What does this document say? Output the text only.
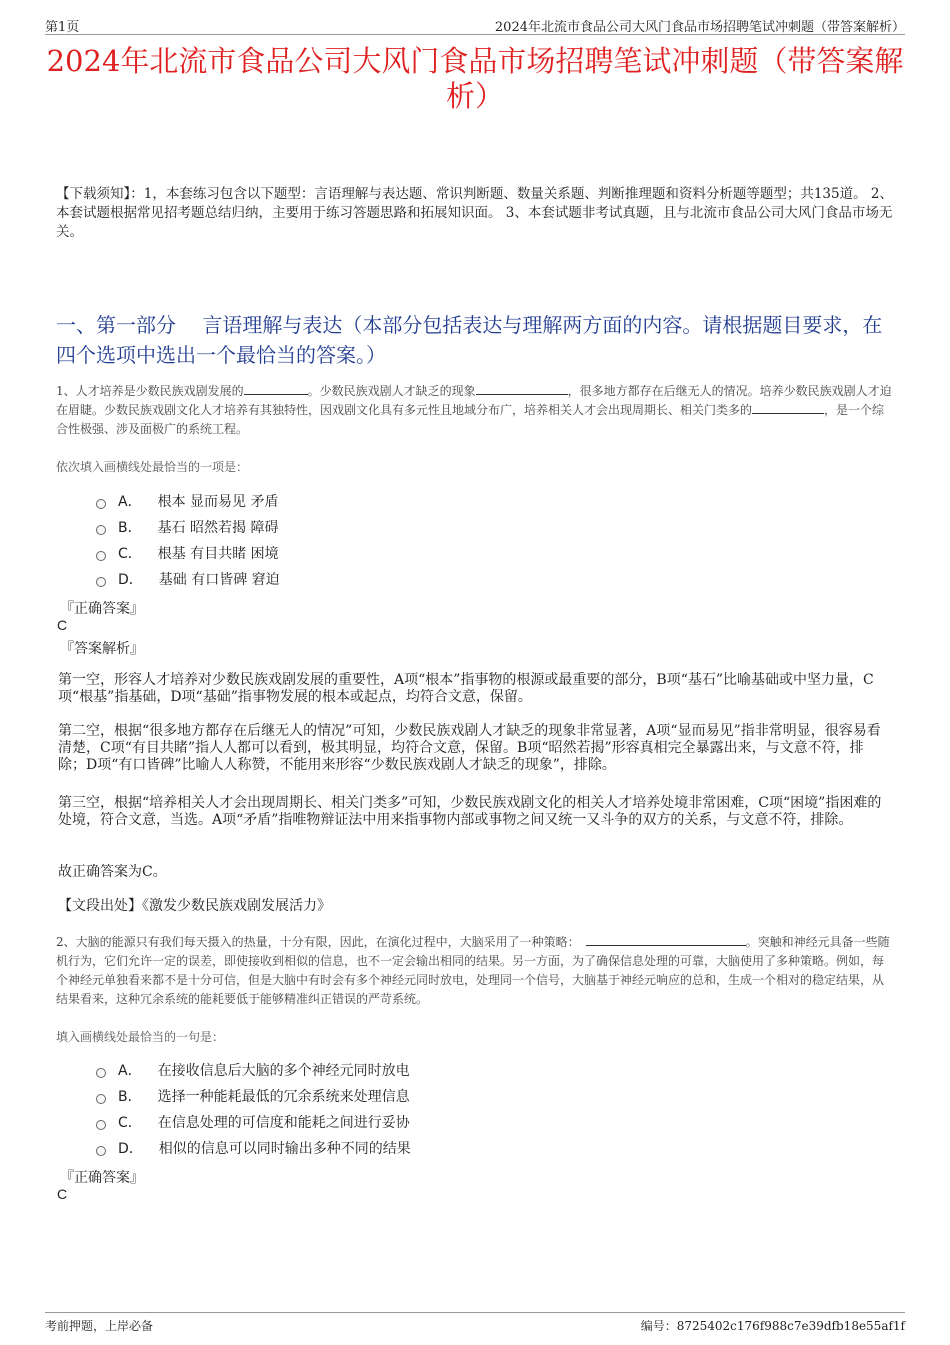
第1页	2024年北流市食品公司大风门食品市场招聘笔试冲刺题（带答案解析）
2024年北流市食品公司大风门食品市场招聘笔试冲刺题（带答案解析）
【下载须知】：1，本套练习包含以下题型：言语理解与表达题、常识判断题、数量关系题、判断推理题和资料分析题等题型；共135道。 2、本套试题根据常见招考题总结归纳，主要用于练习答题思路和拓展知识面。 3、本套试题非考试真题，且与北流市食品公司大风门食品市场无关。
一、第一部分　 言语理解与表达（本部分包括表达与理解两方面的内容。请根据题目要求，在四个选项中选出一个最恰当的答案。）
1、人才培养是少数民族戏剧发展的	。少数民族戏剧人才缺乏的现象	，很多地方都存在后继无人的情况。培养少数民族戏剧人才迫在眉睫。少数民族戏剧文化人才培养有其独特性，因戏剧文化具有多元性且地域分布广，培养相关人才会出现周期长、相关门类多的	，是一个综合性极强、涉及面极广的系统工程。
依次填入画横线处最恰当的一项是：
A． 根本 显而易见 矛盾
B． 基石 昭然若揭 障碍
C． 根基 有目共睹 困境
D． 基础 有口皆碑 窘迫
『正确答案』
C
『答案解析』
第一空，形容人才培养对少数民族戏剧发展的重要性，A项“根本”指事物的根源或最重要的部分，B项“基石”比喻基础或中坚力量，C项“根基”指基础，D项“基础”指事物发展的根本或起点，均符合文意，保留。
第二空，根据“很多地方都存在后继无人的情况”可知，少数民族戏剧人才缺乏的现象非常显著，A项“显而易见”指非常明显，很容易看清楚，C项“有目共睹”指人人都可以看到，极其明显，均符合文意，保留。B项“昭然若揭”形容真相完全暴露出来，与文意不符，排除；D项“有口皆碑”比喻人人称赞，不能用来形容“少数民族戏剧人才缺乏的现象”，排除。
第三空，根据“培养相关人才会出现周期长、相关门类多”可知，少数民族戏剧文化的相关人才培养处境非常困难，C项“困境”指困难的处境，符合文意，当选。A项“矛盾”指唯物辩证法中用来指事物内部或事物之间又统一又斗争的双方的关系，与文意不符，排除。
故正确答案为C。
【文段出处】《激发少数民族戏剧发展活力》
2、大脑的能源只有我们每天摄入的热量，十分有限，因此，在演化过程中，大脑采用了一种策略：	。突触和神经元具备一些随机行为，它们允许一定的误差，即使接收到相似的信息，也不一定会输出相同的结果。另一方面，为了确保信息处理的可靠，大脑使用了多种策略。例如，每个神经元单独看来都不是十分可信，但是大脑中有时会有多个神经元同时放电，处理同一个信号，大脑基于神经元响应的总和，生成一个相对的稳定结果，从结果看来，这种冗余系统的能耗要低于能够精准纠正错误的严苛系统。
填入画横线处最恰当的一句是：
A． 在接收信息后大脑的多个神经元同时放电
B． 选择一种能耗最低的冗余系统来处理信息
C． 在信息处理的可信度和能耗之间进行妥协
D． 相似的信息可以同时输出多种不同的结果
『正确答案』
C
考前押题，上岸必备	编号：8725402c176f988c7e39dfb18e55af1f
